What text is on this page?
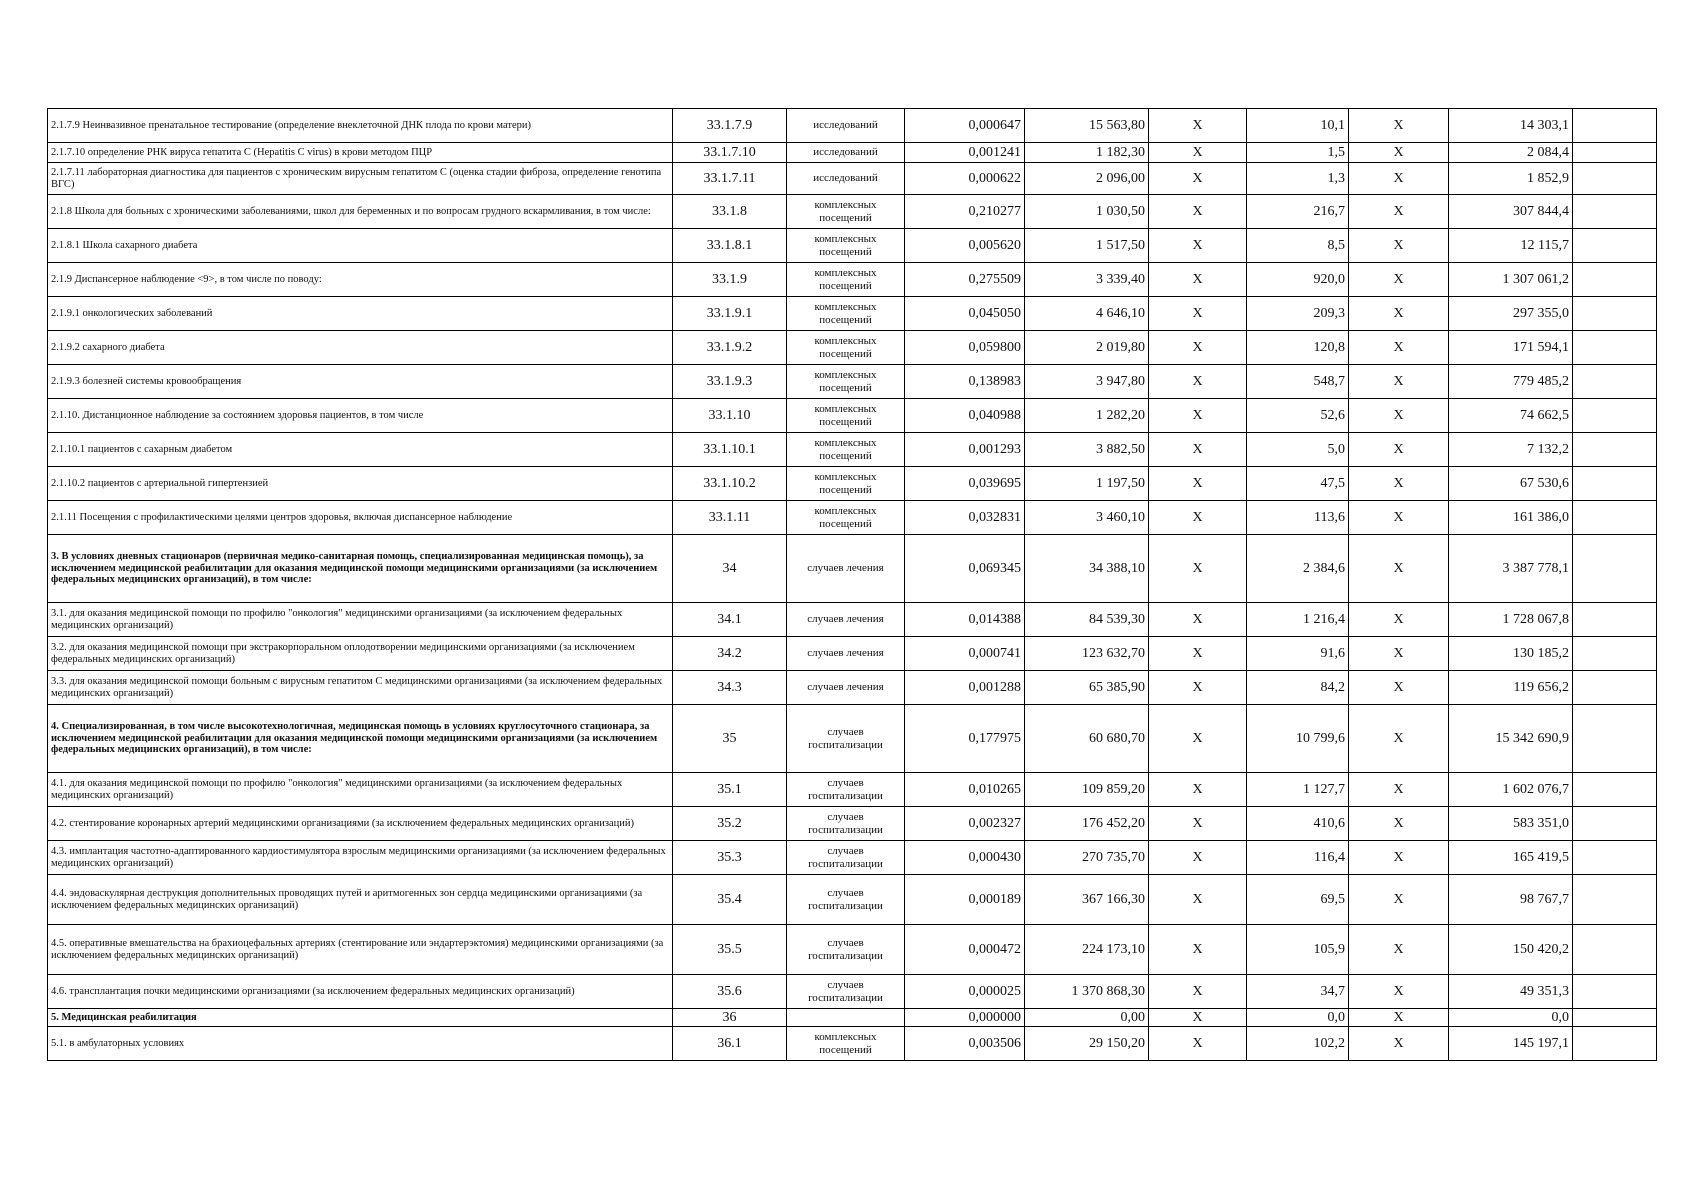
2.1.7.9 Неинвазивное пренатальное тестирование (определение внеклеточной ДНК плода по крови матери)	33.1.7.9	исследований	0,000647	15 563,80	X	10,1	X	14 303,1	
2.1.7.10 определение РНК вируса гепатита С (Hepatitis C virus) в крови методом ПЦР	33.1.7.10	исследований	0,001241	1 182,30	X	1,5	X	2 084,4	
2.1.7.11 лабораторная диагностика для пациентов с хроническим вирусным гепатитом С (оценка стадии фиброза, определение генотипа ВГС)	33.1.7.11	исследований	0,000622	2 096,00	X	1,3	X	1 852,9	
2.1.8 Школа для больных с хроническими заболеваниями, школ для беременных и по вопросам грудного вскармливания, в том числе:	33.1.8	комплексных посещений	0,210277	1 030,50	X	216,7	X	307 844,4	
2.1.8.1 Школа сахарного диабета	33.1.8.1	комплексных посещений	0,005620	1 517,50	X	8,5	X	12 115,7	
2.1.9 Диспансерное наблюдение <9>, в том числе по поводу:	33.1.9	комплексных посещений	0,275509	3 339,40	X	920,0	X	1 307 061,2	
2.1.9.1 онкологических заболеваний	33.1.9.1	комплексных посещений	0,045050	4 646,10	X	209,3	X	297 355,0	
2.1.9.2 сахарного диабета	33.1.9.2	комплексных посещений	0,059800	2 019,80	X	120,8	X	171 594,1	
2.1.9.3 болезней системы кровообращения	33.1.9.3	комплексных посещений	0,138983	3 947,80	X	548,7	X	779 485,2	
2.1.10. Дистанционное наблюдение за состоянием здоровья пациентов, в том числе	33.1.10	комплексных посещений	0,040988	1 282,20	X	52,6	X	74 662,5	
2.1.10.1 пациентов с сахарным диабетом	33.1.10.1	комплексных посещений	0,001293	3 882,50	X	5,0	X	7 132,2	
2.1.10.2 пациентов с артериальной гипертензией	33.1.10.2	комплексных посещений	0,039695	1 197,50	X	47,5	X	67 530,6	
2.1.11 Посещения с профилактическими целями центров здоровья, включая диспансерное наблюдение	33.1.11	комплексных посещений	0,032831	3 460,10	X	113,6	X	161 386,0	
3. В условиях дневных стационаров (первичная медико-санитарная помощь, специализированная медицинская помощь), за исключением медицинской реабилитации для оказания медицинской помощи медицинскими организациями (за исключением федеральных медицинских организаций), в том числе:	34	случаев лечения	0,069345	34 388,10	X	2 384,6	X	3 387 778,1	
3.1. для оказания медицинской помощи по профилю "онкология" медицинскими организациями (за исключением федеральных медицинских организаций)	34.1	случаев лечения	0,014388	84 539,30	X	1 216,4	X	1 728 067,8	
3.2. для оказания медицинской помощи при экстракорпоральном оплодотворении медицинскими организациями (за исключением федеральных медицинских организаций)	34.2	случаев лечения	0,000741	123 632,70	X	91,6	X	130 185,2	
3.3. для оказания медицинской помощи больным с вирусным гепатитом С медицинскими организациями (за исключением федеральных медицинских организаций)	34.3	случаев лечения	0,001288	65 385,90	X	84,2	X	119 656,2	
4. Специализированная, в том числе высокотехнологичная, медицинская помощь в условиях круглосуточного стационара, за исключением медицинской реабилитации для оказания медицинской помощи медицинскими организациями (за исключением федеральных медицинских организаций), в том числе:	35	случаев госпитализации	0,177975	60 680,70	X	10 799,6	X	15 342 690,9	
4.1. для оказания медицинской помощи по профилю "онкология" медицинскими организациями (за исключением федеральных медицинских организаций)	35.1	случаев госпитализации	0,010265	109 859,20	X	1 127,7	X	1 602 076,7	
4.2. стентирование коронарных артерий медицинскими организациями (за исключением федеральных медицинских организаций)	35.2	случаев госпитализации	0,002327	176 452,20	X	410,6	X	583 351,0	
4.3. имплантация частотно-адаптированного кардиостимулятора взрослым медицинскими организациями (за исключением федеральных медицинских организаций)	35.3	случаев госпитализации	0,000430	270 735,70	X	116,4	X	165 419,5	
4.4. эндоваскулярная деструкция дополнительных проводящих путей и аритмогенных зон сердца медицинскими организациями (за исключением федеральных медицинских организаций)	35.4	случаев госпитализации	0,000189	367 166,30	X	69,5	X	98 767,7	
4.5. оперативные вмешательства на брахиоцефальных артериях (стентирование или эндартерэктомия) медицинскими организациями (за исключением федеральных медицинских организаций)	35.5	случаев госпитализации	0,000472	224 173,10	X	105,9	X	150 420,2	
4.6. трансплантация почки медицинскими организациями (за исключением федеральных медицинских организаций)	35.6	случаев госпитализации	0,000025	1 370 868,30	X	34,7	X	49 351,3	
5. Медицинская реабилитация	36		0,000000	0,00	X	0,0	X	0,0	
5.1. в амбулаторных условиях	36.1	комплексных посещений	0,003506	29 150,20	X	102,2	X	145 197,1	
